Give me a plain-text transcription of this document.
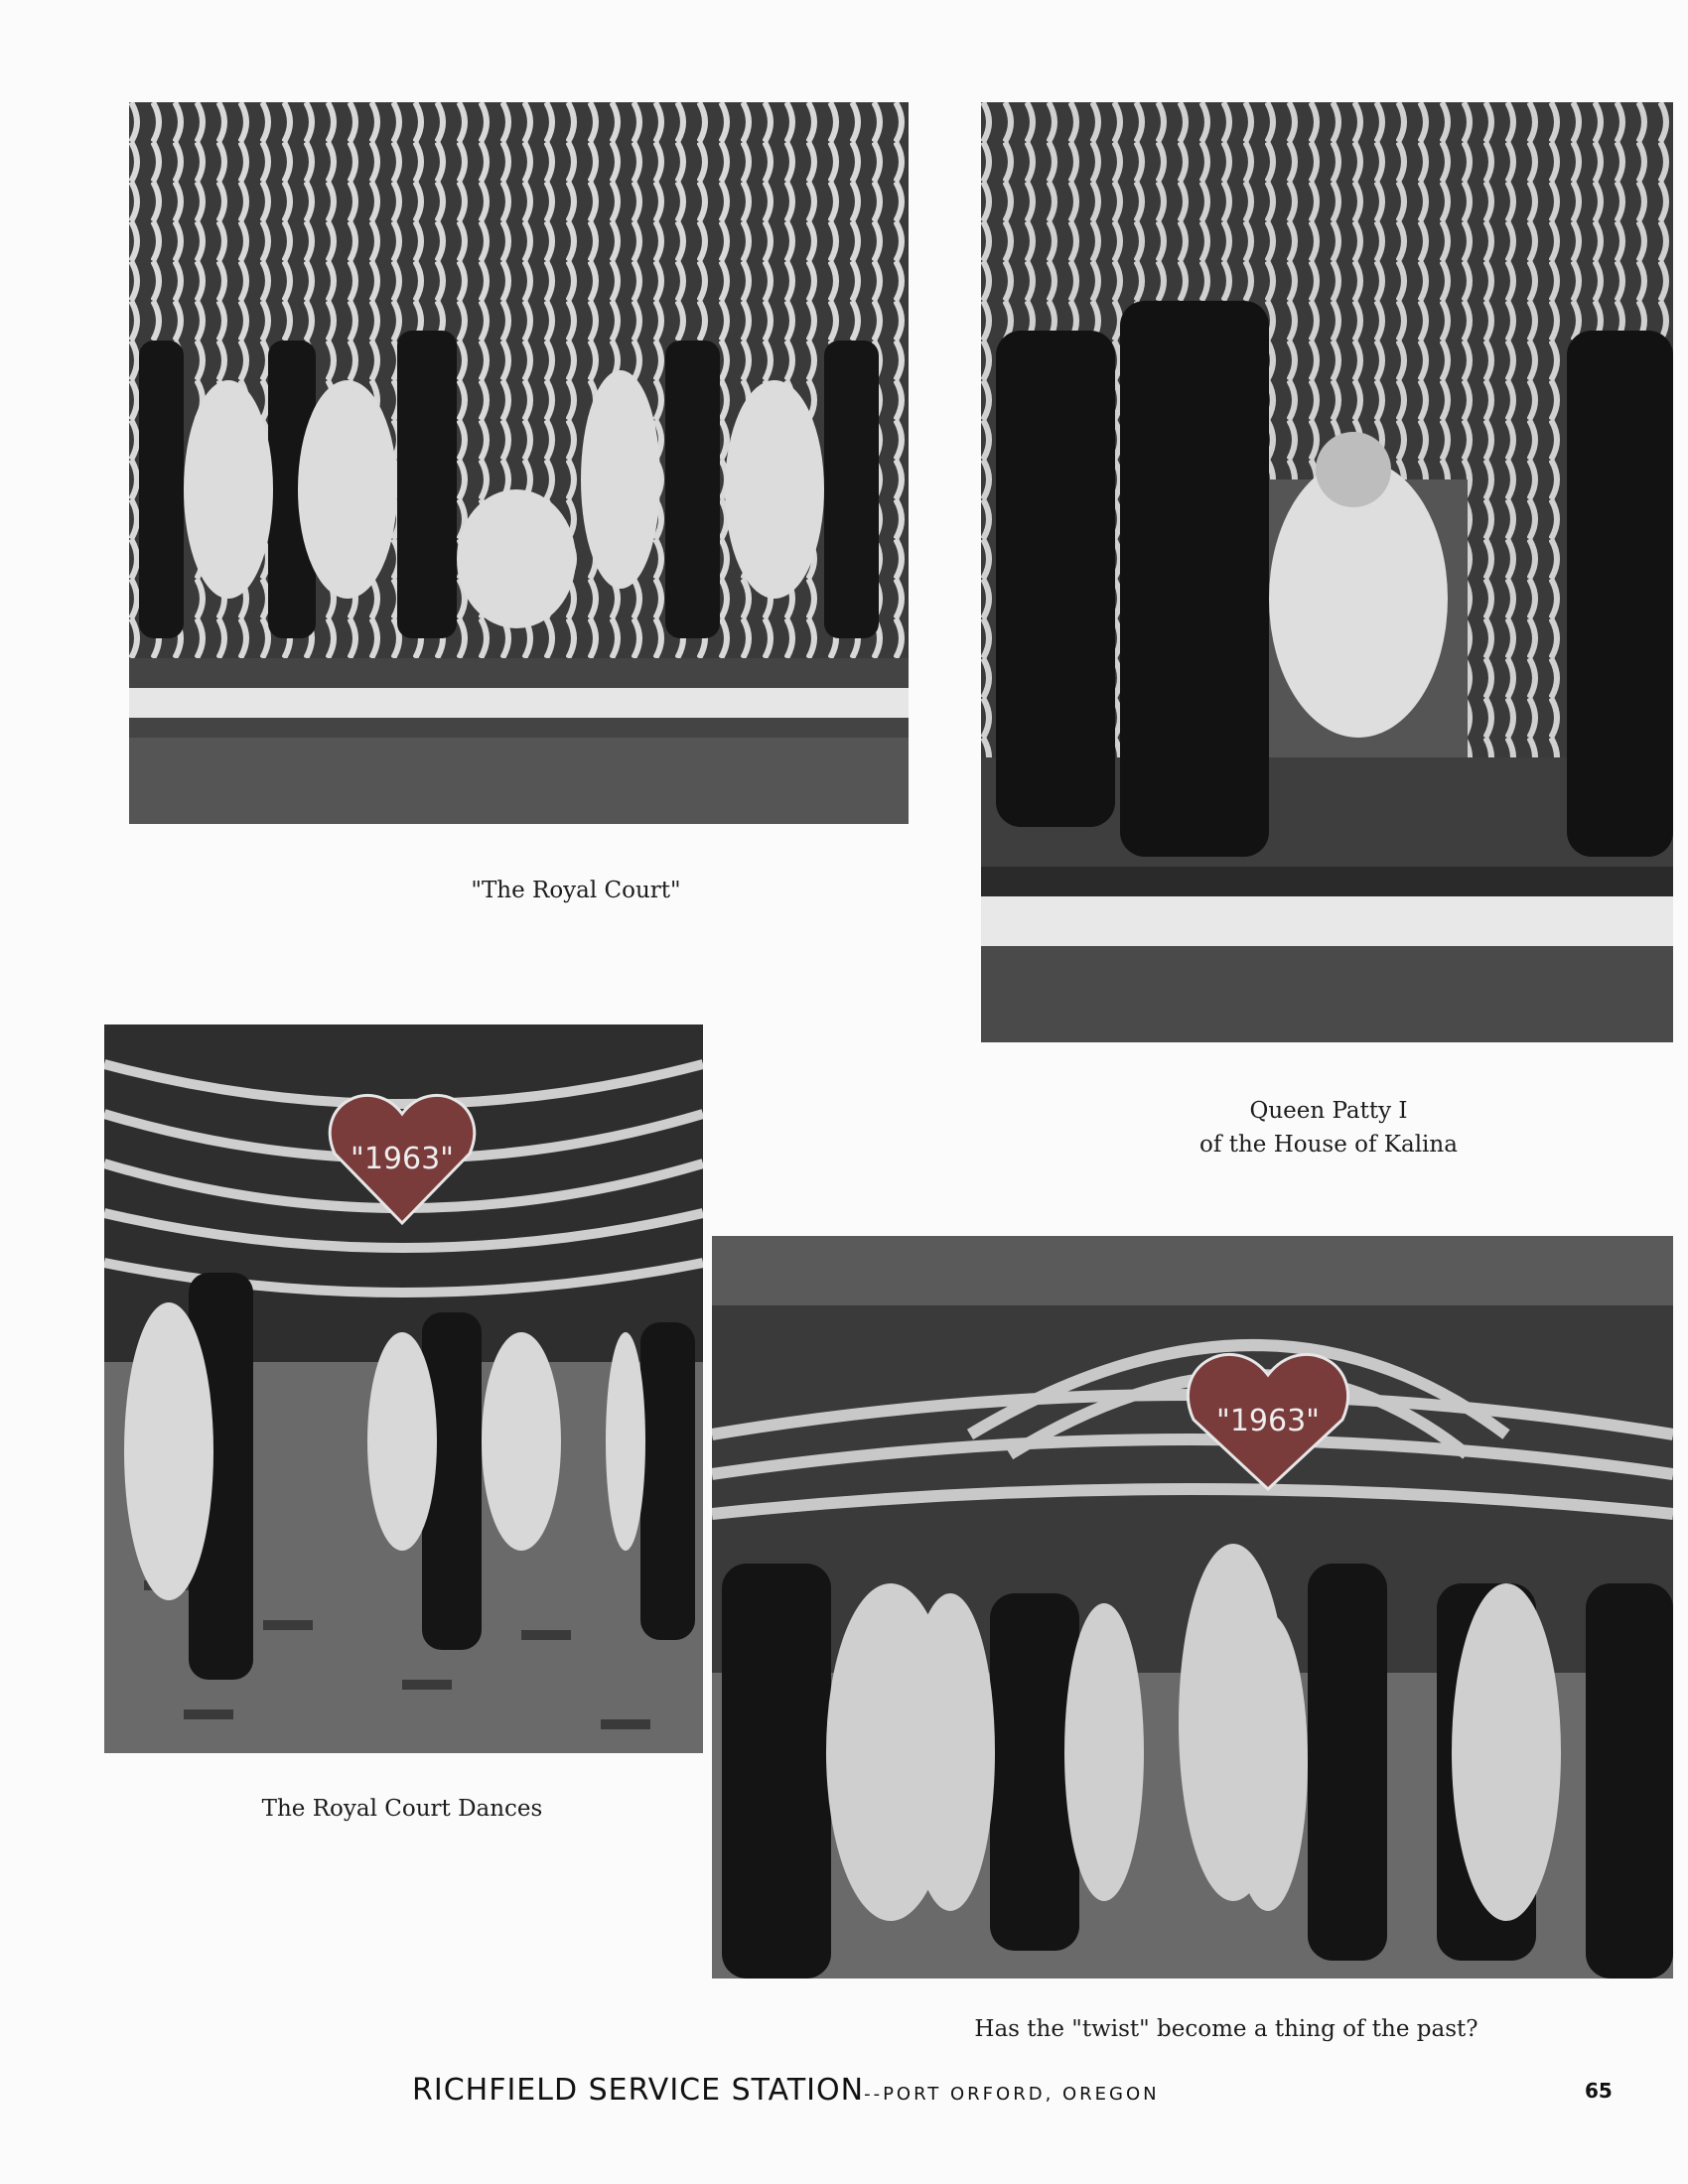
"The Royal Court"
Queen Patty I
of the House of Kalina
"1963"
The Royal Court Dances
"1963"
Has the "twist" become a thing of the past?
RICHFIELD SERVICE STATION--PORT ORFORD, OREGON	65
